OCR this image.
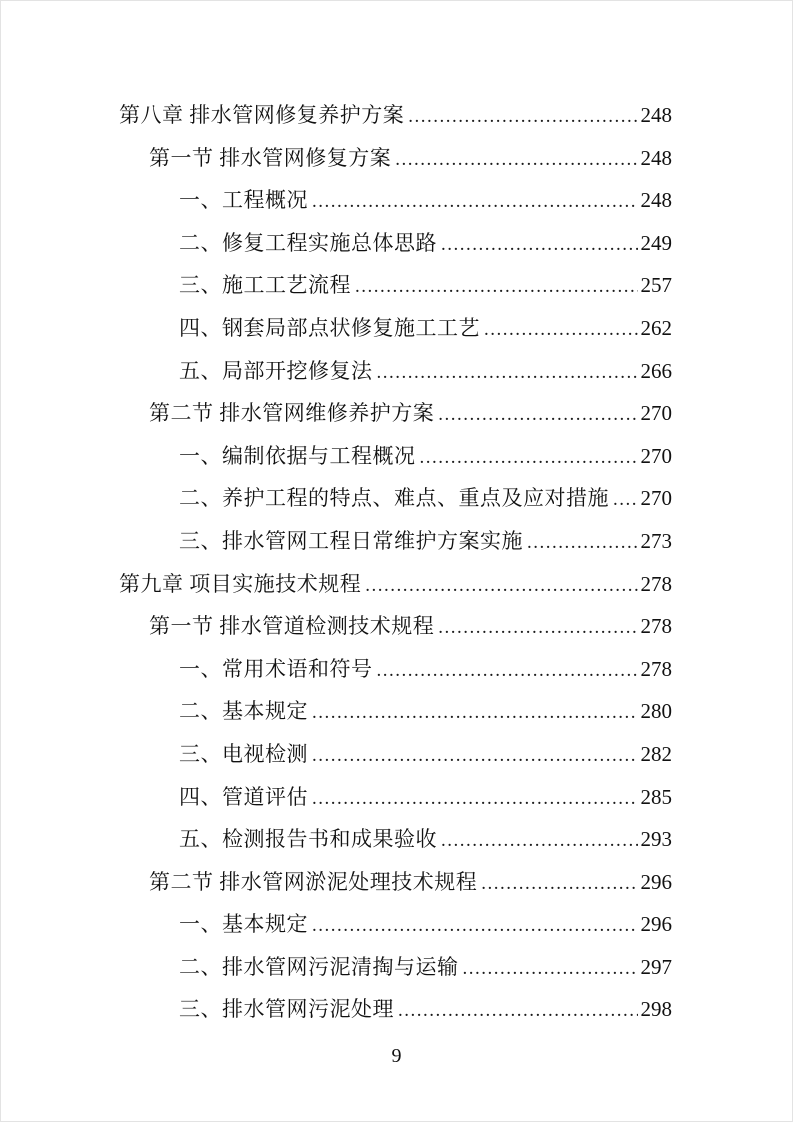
第八章 排水管网修复养护方案 .....	248
第一节 排水管网修复方案 .....	248
一、工程概况 .....	248
二、修复工程实施总体思路 .....	249
三、施工工艺流程 .....	257
四、钢套局部点状修复施工工艺 .....	262
五、局部开挖修复法 .....	266
第二节 排水管网维修养护方案 .....	270
一、编制依据与工程概况 .....	270
二、养护工程的特点、难点、重点及应对措施 ..... 270
三、排水管网工程日常维护方案实施 .....	273
第九章 项目实施技术规程 .....	278
第一节 排水管道检测技术规程 .....	278
一、常用术语和符号 .....	278
二、基本规定 .....	280
三、电视检测 .....	282
四、管道评估 .....	285
五、检测报告书和成果验收 .....	293
第二节 排水管网淤泥处理技术规程 .....	296
一、基本规定 .....	296
二、排水管网污泥清掏与运输 .....	297
三、排水管网污泥处理 .....	298
9
